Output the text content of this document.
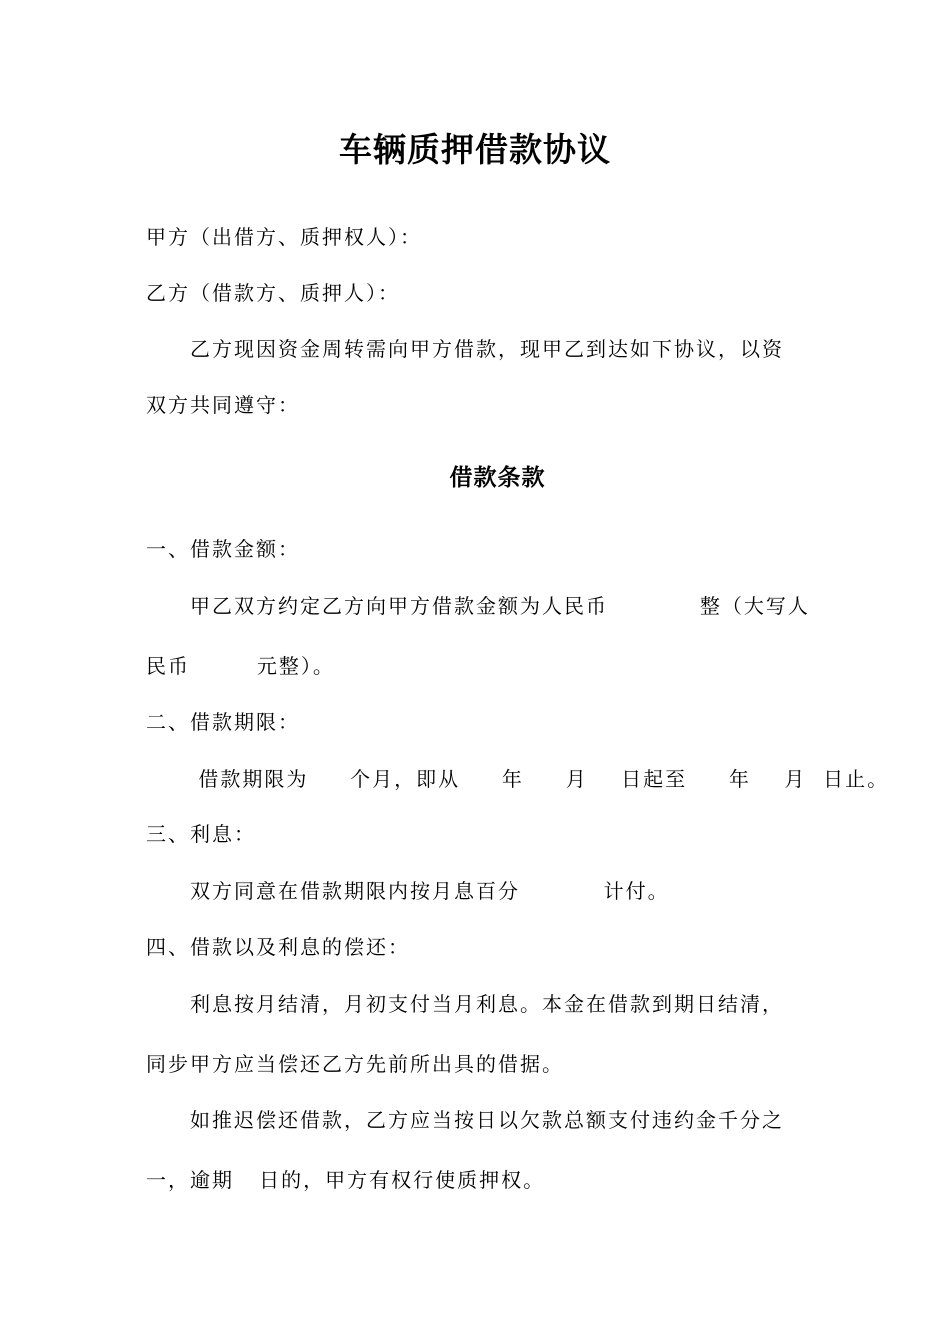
车辆质押借款协议
甲方（出借方、质押权人）：
乙方（借款方、质押人）：
乙方现因资金周转需向甲方借款，现甲乙到达如下协议，以资
双方共同遵守：
借款条款
一、借款金额：
甲乙双方约定乙方向甲方借款金额为人民币           整（大写人
民币        元整）。
二、借款期限：
借款期限为     个月，即从     年     月    日起至     年    月  日止。
三、利息：
双方同意在借款期限内按月息百分          计付。
四、借款以及利息的偿还：
利息按月结清，月初支付当月利息。本金在借款到期日结清，
同步甲方应当偿还乙方先前所出具的借据。
如推迟偿还借款，乙方应当按日以欠款总额支付违约金千分之
一，逾期   日的，甲方有权行使质押权。
